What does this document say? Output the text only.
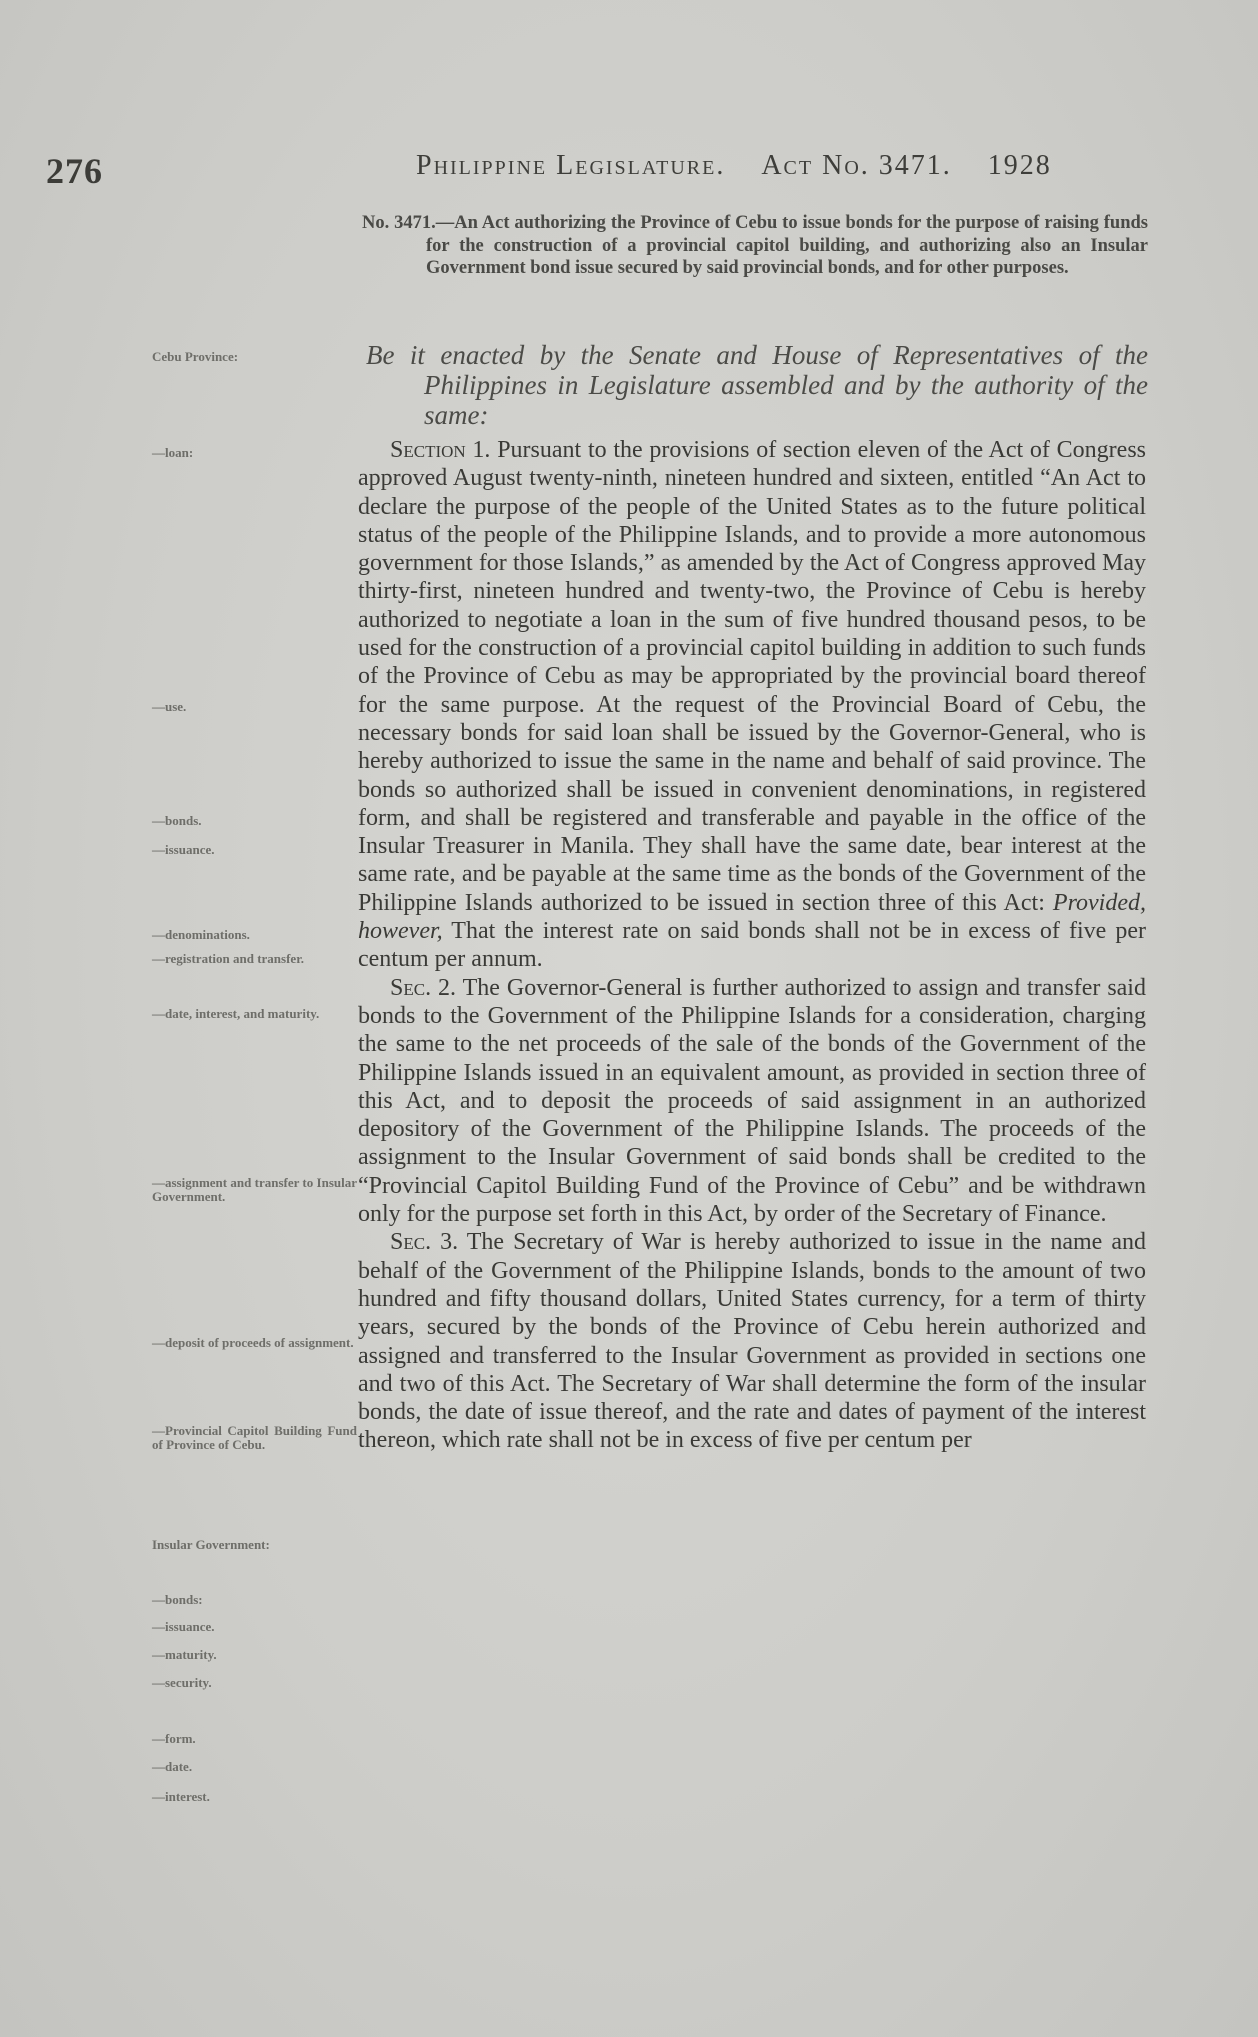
276	Philippine Legislature. Act No. 3471. 1928
No. 3471.—An Act authorizing the Province of Cebu to issue bonds for the purpose of raising funds for the construction of a provincial capitol building, and authorizing also an Insular Government bond issue secured by said provincial bonds, and for other purposes.
Be it enacted by the Senate and House of Representatives of the Philippines in Legislature assembled and by the authority of the same:

Section 1. Pursuant to the provisions of section eleven of the Act of Congress approved August twenty-ninth, nineteen hundred and sixteen, entitled “An Act to declare the purpose of the people of the United States as to the future political status of the people of the Philippine Islands, and to provide a more autonomous government for those Islands,” as amended by the Act of Congress approved May thirty-first, nineteen hundred and twenty-two, the Province of Cebu is hereby authorized to negotiate a loan in the sum of five hundred thousand pesos, to be used for the construction of a provincial capitol building in addition to such funds of the Province of Cebu as may be appropriated by the provincial board thereof for the same purpose. At the request of the Provincial Board of Cebu, the necessary bonds for said loan shall be issued by the Governor-General, who is hereby authorized to issue the same in the name and behalf of said province. The bonds so authorized shall be issued in convenient denominations, in registered form, and shall be registered and transferable and payable in the office of the Insular Treasurer in Manila. They shall have the same date, bear interest at the same rate, and be payable at the same time as the bonds of the Government of the Philippine Islands authorized to be issued in section three of this Act: Provided, however, That the interest rate on said bonds shall not be in excess of five per centum per annum.

Sec. 2. The Governor-General is further authorized to assign and transfer said bonds to the Government of the Philippine Islands for a consideration, charging the same to the net proceeds of the sale of the bonds of the Government of the Philippine Islands issued in an equivalent amount, as provided in section three of this Act, and to deposit the proceeds of said assignment in an authorized depository of the Government of the Philippine Islands. The proceeds of the assignment to the Insular Government of said bonds shall be credited to the “Provincial Capitol Building Fund of the Province of Cebu” and be withdrawn only for the purpose set forth in this Act, by order of the Secretary of Finance.

Sec. 3. The Secretary of War is hereby authorized to issue in the name and behalf of the Government of the Philippine Islands, bonds to the amount of two hundred and fifty thousand dollars, United States currency, for a term of thirty years, secured by the bonds of the Province of Cebu herein authorized and assigned and transferred to the Insular Government as provided in sections one and two of this Act. The Secretary of War shall determine the form of the insular bonds, the date of issue thereof, and the rate and dates of payment of the interest thereon, which rate shall not be in excess of five per centum per

Cebu Province:
—loan:
—use.
—bonds.
—issuance.
—denominations.
—registration and transfer.
—date, interest, and maturity.
—assignment and transfer to Insular Government.
—deposit of proceeds of assignment.
—Provincial Capitol Building Fund of Province of Cebu.
Insular Government:
—bonds:
—issuance.
—maturity.
—security.
—form.
—date.
—interest.
